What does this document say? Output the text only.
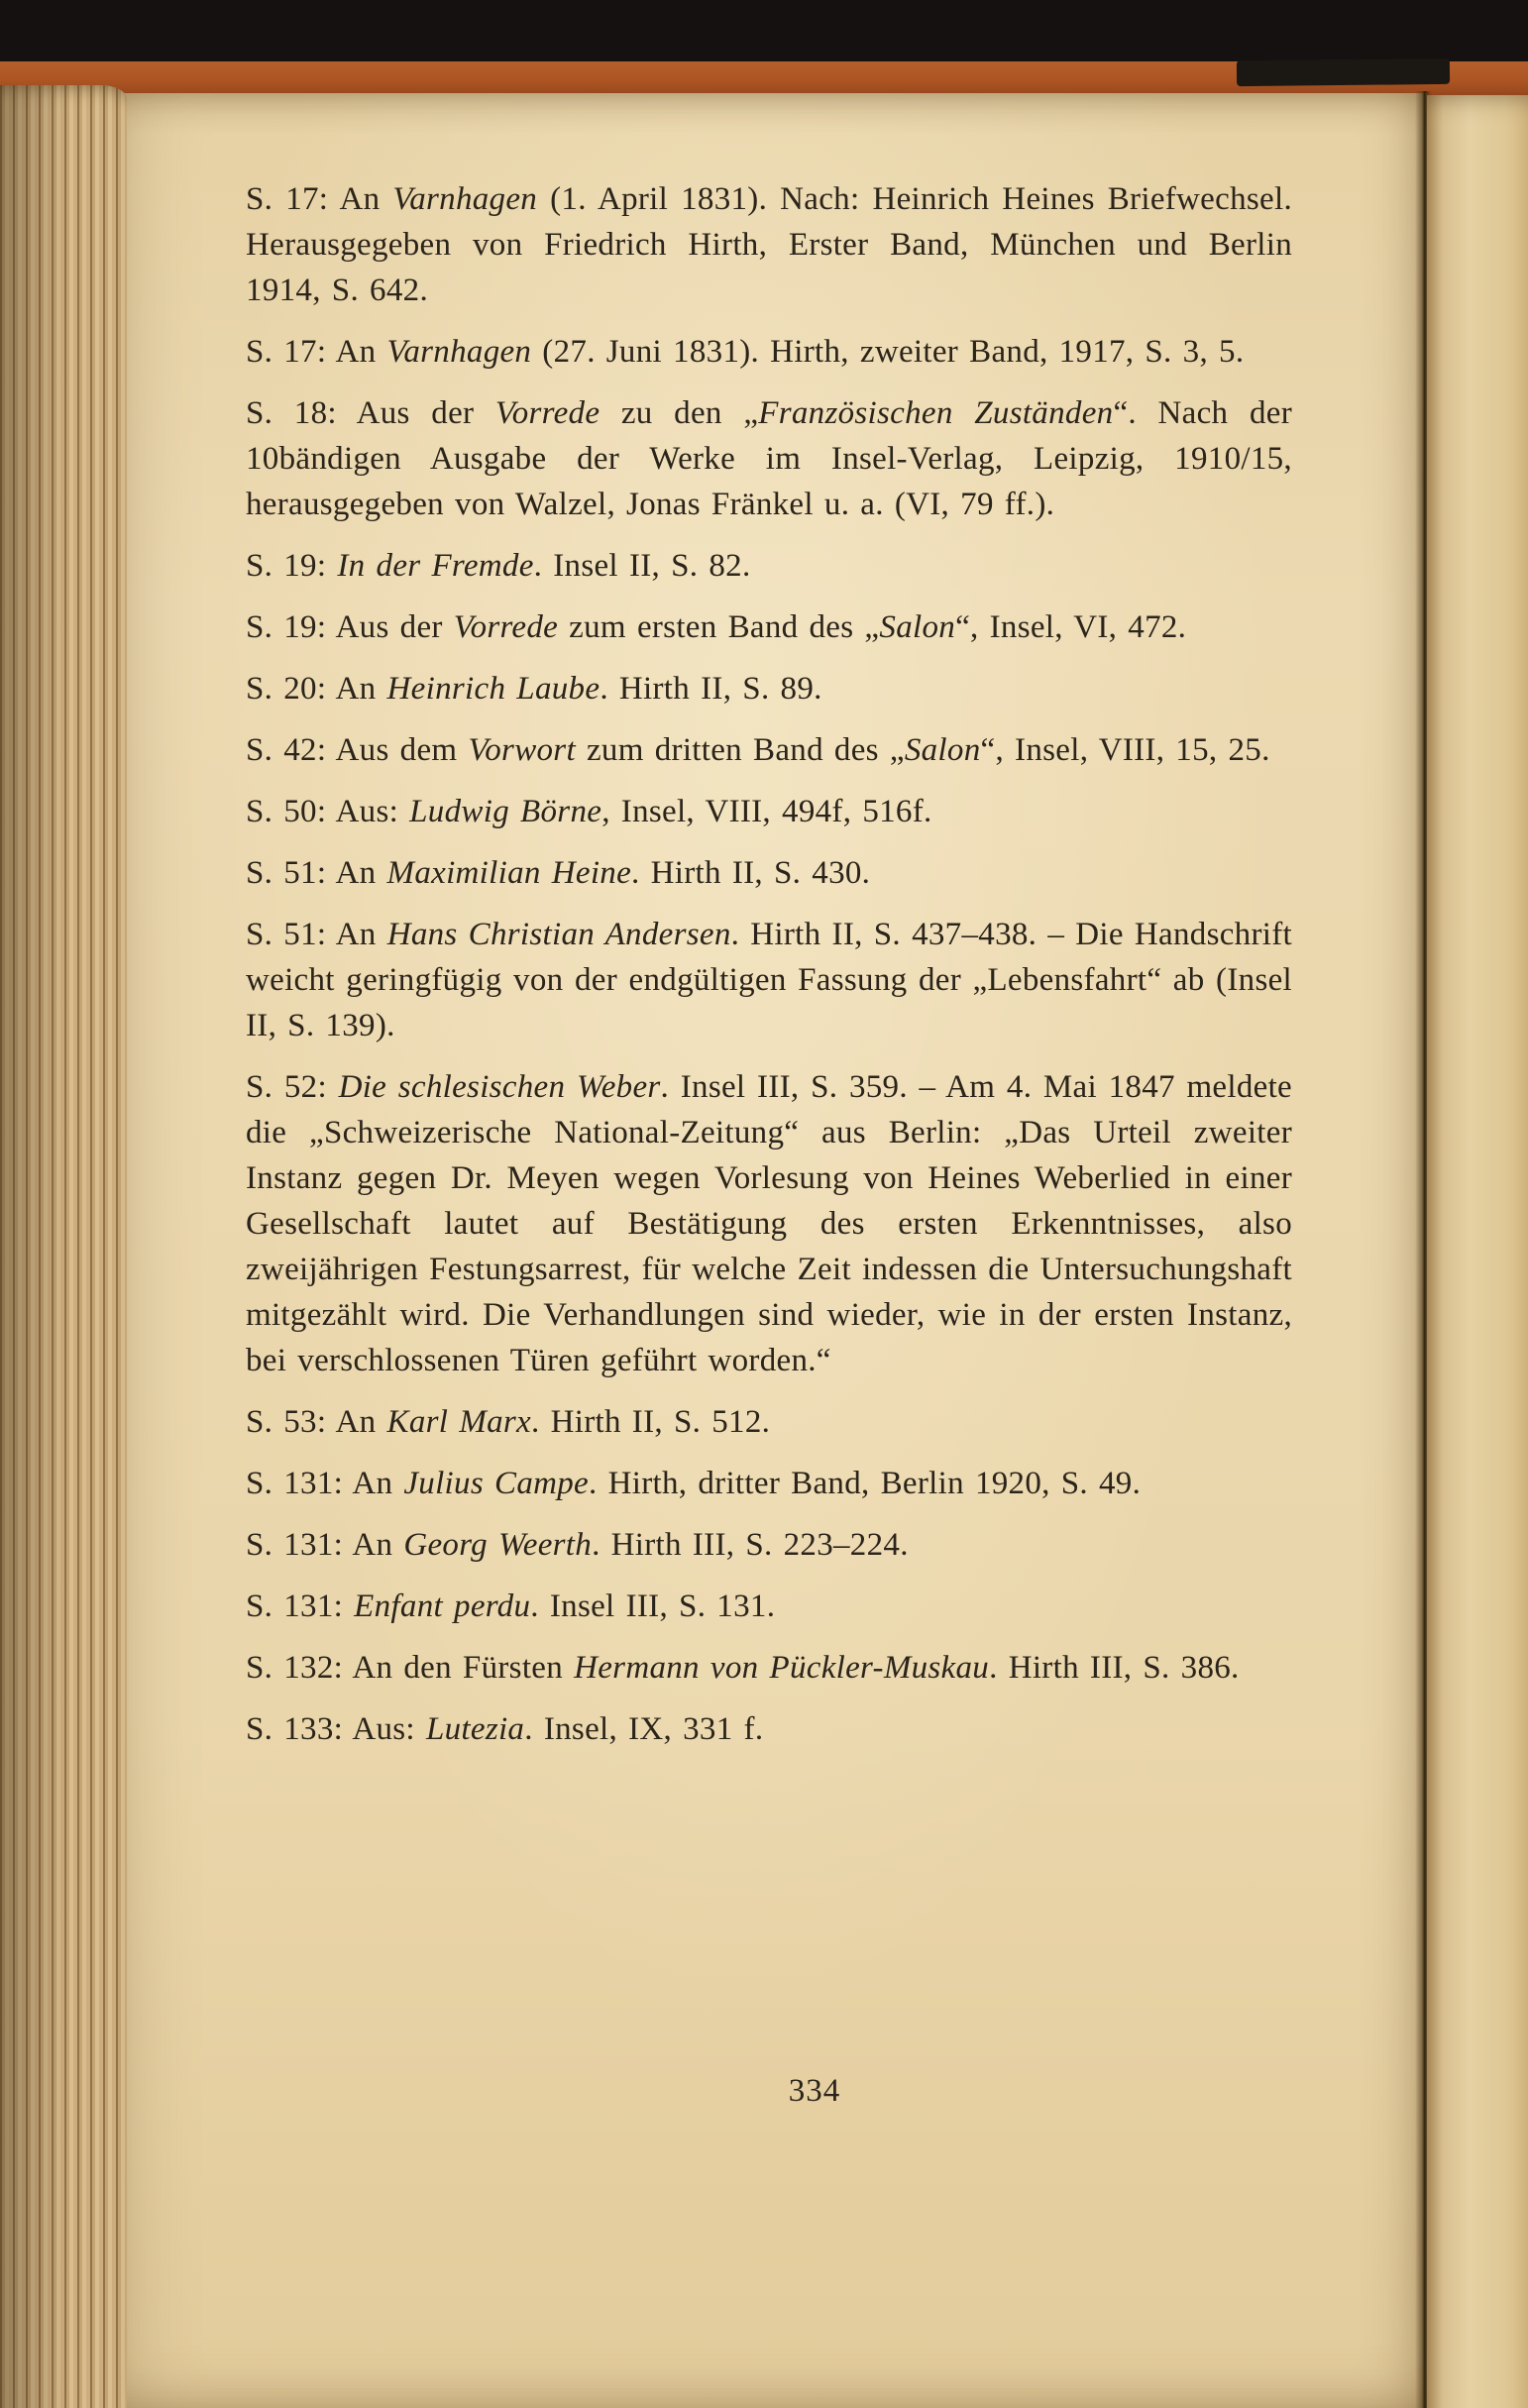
S. 17: An Varnhagen (1. April 1831). Nach: Heinrich Heines Briefwechsel. Herausgegeben von Friedrich Hirth, Erster Band, München und Berlin 1914, S. 642.

S. 17: An Varnhagen (27. Juni 1831). Hirth, zweiter Band, 1917, S. 3, 5.

S. 18: Aus der Vorrede zu den „Französischen Zuständen“. Nach der 10bändigen Ausgabe der Werke im Insel-Verlag, Leipzig, 1910/15, herausgegeben von Walzel, Jonas Fränkel u. a. (VI, 79 ff.).

S. 19: In der Fremde. Insel II, S. 82.

S. 19: Aus der Vorrede zum ersten Band des „Salon“, Insel, VI, 472.

S. 20: An Heinrich Laube. Hirth II, S. 89.

S. 42: Aus dem Vorwort zum dritten Band des „Salon“, Insel, VIII, 15, 25.

S. 50: Aus: Ludwig Börne, Insel, VIII, 494f, 516f.

S. 51: An Maximilian Heine. Hirth II, S. 430.

S. 51: An Hans Christian Andersen. Hirth II, S. 437–438. – Die Handschrift weicht geringfügig von der endgültigen Fassung der „Lebensfahrt“ ab (Insel II, S. 139).

S. 52: Die schlesischen Weber. Insel III, S. 359. – Am 4. Mai 1847 meldete die „Schweizerische National-Zeitung“ aus Berlin: „Das Urteil zweiter Instanz gegen Dr. Meyen wegen Vorlesung von Heines Weberlied in einer Gesellschaft lautet auf Bestätigung des ersten Erkenntnisses, also zweijährigen Festungsarrest, für welche Zeit indessen die Untersuchungshaft mitgezählt wird. Die Verhandlungen sind wieder, wie in der ersten Instanz, bei verschlossenen Türen geführt worden.“

S. 53: An Karl Marx. Hirth II, S. 512.

S. 131: An Julius Campe. Hirth, dritter Band, Berlin 1920, S. 49.

S. 131: An Georg Weerth. Hirth III, S. 223–224.

S. 131: Enfant perdu. Insel III, S. 131.

S. 132: An den Fürsten Hermann von Pückler-Muskau. Hirth III, S. 386.

S. 133: Aus: Lutezia. Insel, IX, 331 f.

334
